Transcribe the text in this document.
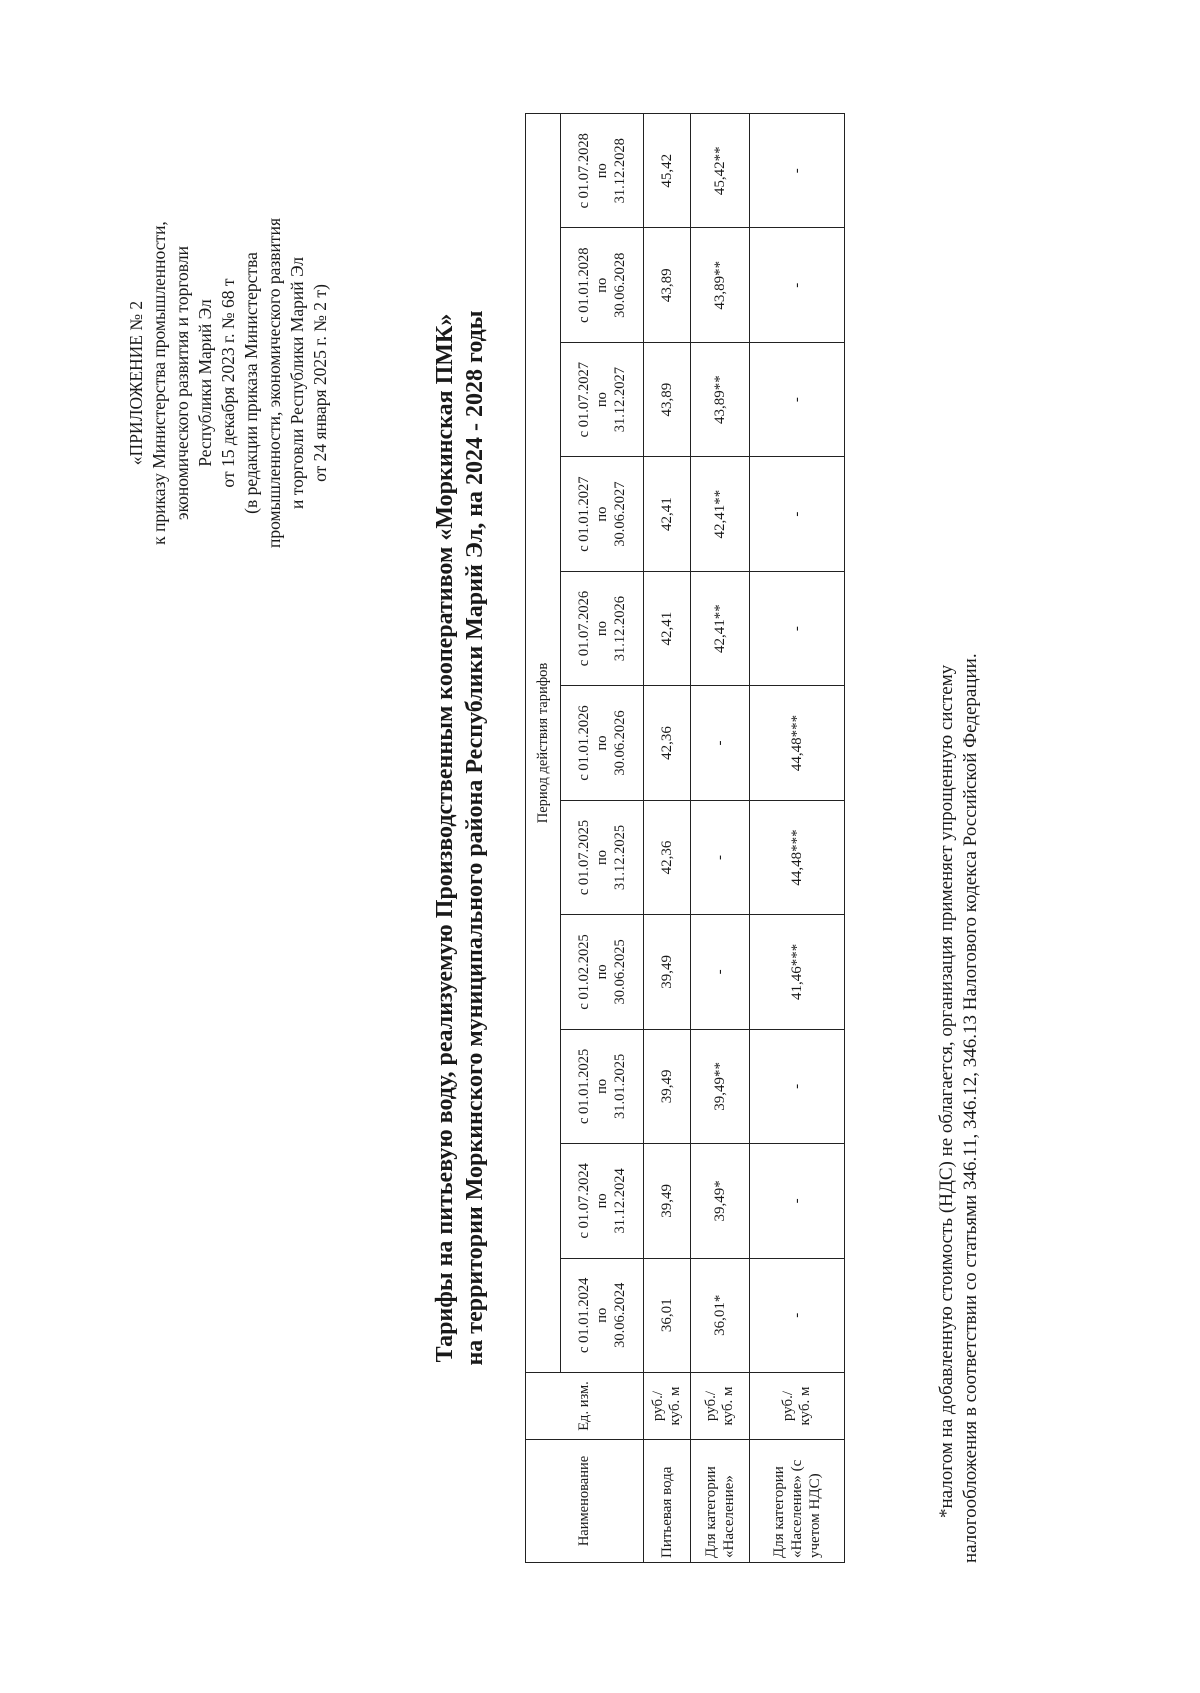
«ПРИЛОЖЕНИЕ № 2 к приказу Министерства промышленности, экономического развития и торговли Республики Марий Эл от 15 декабря 2023 г. № 68 т (в редакции приказа Министерства промышленности, экономического развития и торговли Республики Марий Эл от 24 января 2025 г. № 2 т)	Тарифы на питьевую воду, реализуемую Производственным кооперативом «Моркинская ПМК» на территории Моркинского муниципального района Республики Марий Эл, на 2024 - 2028 годы
Наименование	Ед. изм.	Период действия тарифов										

		с 01.01.2024 по 30.06.2024	с 01.07.2024 по 31.12.2024	с 01.01.2025 по 31.01.2025	с 01.02.2025 по 30.06.2025	с 01.07.2025 по 31.12.2025	с 01.01.2026 по 30.06.2026	с 01.07.2026 по 31.12.2026	с 01.01.2027 по 30.06.2027	с 01.07.2027 по 31.12.2027	с 01.01.2028 по 30.06.2028	с 01.07.2028 по 31.12.2028

Питьевая вода	руб./ куб. м	36,01	39,49	39,49	39,49	42,36	42,36	42,41	42,41	43,89	43,89	45,42
Для категории «Население»	руб./ куб. м	36,01*	39,49*	39,49**	-	-	-	42,41**	42,41**	43,89**	43,89**	45,42**
Для категории «Население» (с учетом НДС)	руб./ куб. м	-	-	-	41,46***	44,48***	44,48***	-	-	-	-	-
*налогом на добавленную стоимость (НДС) не облагается, организация применяет упрощенную систему налогообложения в соответствии со статьями 346.11, 346.12, 346.13 Налогового кодекса Российской Федерации.
